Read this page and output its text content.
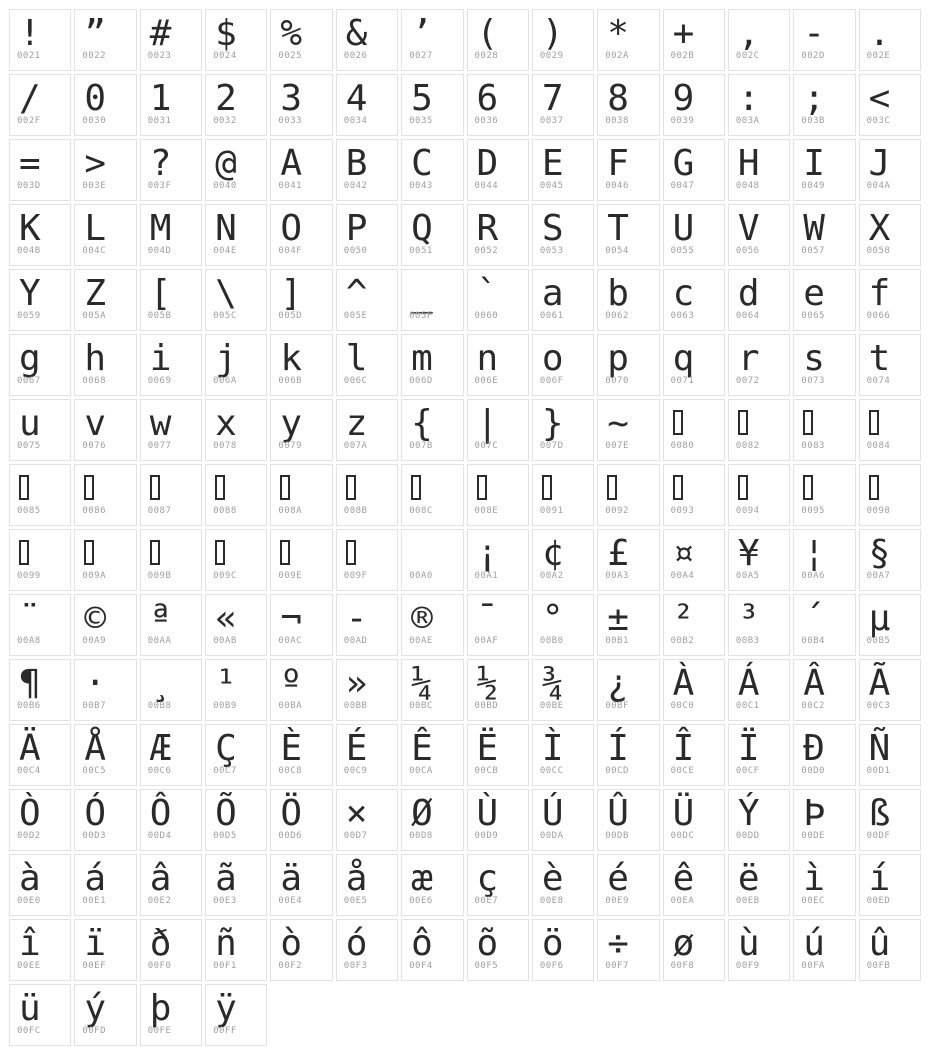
!
0021
”
0022
#
0023
$
0024
%
0025
&
0026
’
0027
(
0028
)
0029
*
002A
+
002B
,
002C
-
002D
.
002E
/
002F
0
0030
1
0031
2
0032
3
0033
4
0034
5
0035
6
0036
7
0037
8
0038
9
0039
:
003A
;
003B
<
003C
=
003D
>
003E
?
003F
@
0040
A
0041
B
0042
C
0043
D
0044
E
0045
F
0046
G
0047
H
0048
I
0049
J
004A
K
004B
L
004C
M
004D
N
004E
O
004F
P
0050
Q
0051
R
0052
S
0053
T
0054
U
0055
V
0056
W
0057
X
0058
Y
0059
Z
005A
[
005B
\
005C
]
005D
^
005E
_
005F
`
0060
a
0061
b
0062
c
0063
d
0064
e
0065
f
0066
g
0067
h
0068
i
0069
j
006A
k
006B
l
006C
m
006D
n
006E
o
006F
p
0070
q
0071
r
0072
s
0073
t
0074
u
0075
v
0076
w
0077
x
0078
y
0079
z
007A
{
007B
|
007C
}
007D
~
007E	0080	0082	0083	0084
0085	0086	0087	0088	008A	008B	008C	008E	0091	0092	0093	0094	0095	0098
0099	009A	009B	009C	009E	009F	00A0
¡
00A1
¢
00A2
£
00A3
¤
00A4
¥
00A5
¦
00A6
§
00A7
¨
00A8
©
00A9
ª
00AA
«
00AB
¬
00AC
-
00AD
®
00AE
¯
00AF
°
00B0
±
00B1
²
00B2
³
00B3
´
00B4
µ
00B5
¶
00B6
·
00B7
¸
00B8
¹
00B9
º
00BA
»
00BB
¼
00BC
½
00BD
¾
00BE
¿
00BF
À
00C0
Á
00C1
Â
00C2
Ã
00C3
Ä
00C4
Å
00C5
Æ
00C6
Ç
00C7
È
00C8
É
00C9
Ê
00CA
Ë
00CB
Ì
00CC
Í
00CD
Î
00CE
Ï
00CF
Ð
00D0
Ñ
00D1
Ò
00D2
Ó
00D3
Ô
00D4
Õ
00D5
Ö
00D6
×
00D7
Ø
00D8
Ù
00D9
Ú
00DA
Û
00DB
Ü
00DC
Ý
00DD
Þ
00DE
ß
00DF
à
00E0
á
00E1
â
00E2
ã
00E3
ä
00E4
å
00E5
æ
00E6
ç
00E7
è
00E8
é
00E9
ê
00EA
ë
00EB
ì
00EC
í
00ED
î
00EE
ï
00EF
ð
00F0
ñ
00F1
ò
00F2
ó
00F3
ô
00F4
õ
00F5
ö
00F6
÷
00F7
ø
00F8
ù
00F9
ú
00FA
û
00FB
ü
00FC
ý
00FD
þ
00FE
ÿ
00FF
